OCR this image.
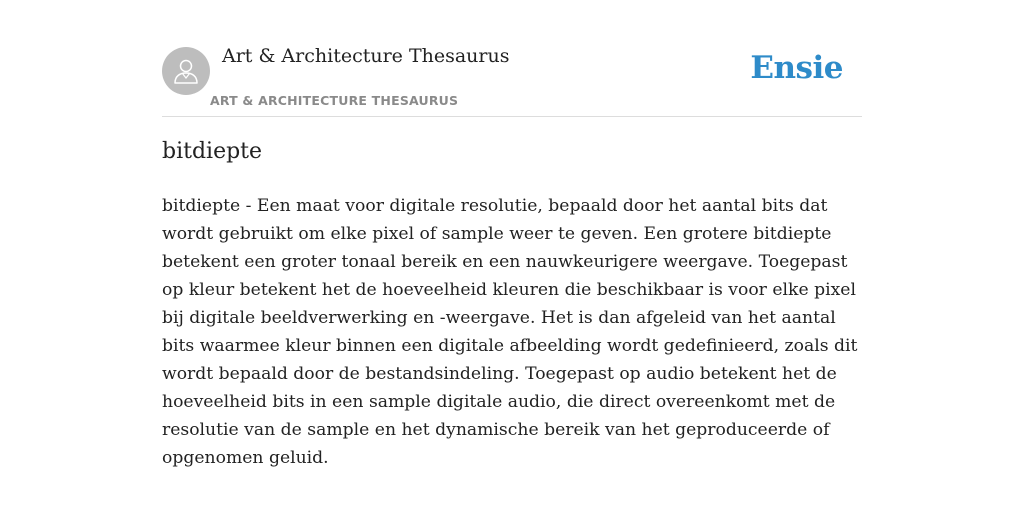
Art & Architecture Thesaurus
ART & ARCHITECTURE THESAURUS
Ensie
bitdiepte

bitdiepte - Een maat voor digitale resolutie, bepaald door het aantal bits dat wordt gebruikt om elke pixel of sample weer te geven. Een grotere bitdiepte betekent een groter tonaal bereik en een nauwkeurigere weergave. Toegepast op kleur betekent het de hoeveelheid kleuren die beschikbaar is voor elke pixel bij digitale beeldverwerking en -weergave. Het is dan afgeleid van het aantal bits waarmee kleur binnen een digitale afbeelding wordt gedefinieerd, zoals dit wordt bepaald door de bestandsindeling. Toegepast op audio betekent het de hoeveelheid bits in een sample digitale audio, die direct overeenkomt met de resolutie van de sample en het dynamische bereik van het geproduceerde of opgenomen geluid.
